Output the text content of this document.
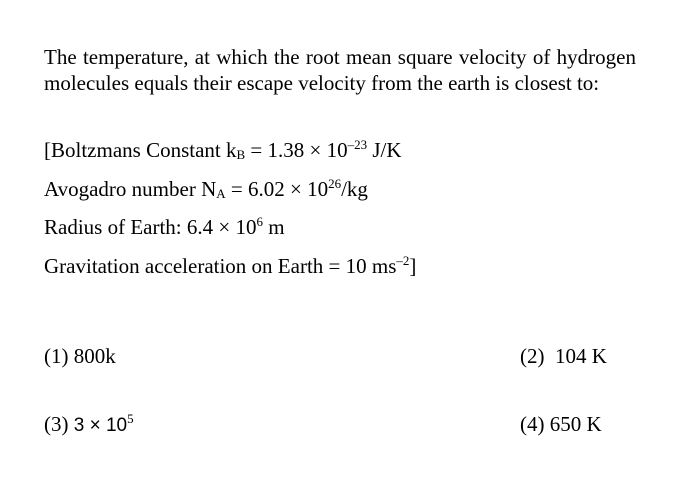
The temperature, at which the root mean square velocity of hydrogen molecules equals their escape velocity from the earth is closest to:
[Boltzmans Constant $k_B = 1.38 \times 10^{-23}$ J/K
Avogadro number $N_A = 6.02 \times 10^{26}/kg$
Radius of Earth: $6.4 \times 10^6$ m
Gravitation acceleration on Earth = 10 $ms^{-2}$]
(1) 800k	(2) 104 K
(3) $3 \times 10^5$	(4) 650 K
